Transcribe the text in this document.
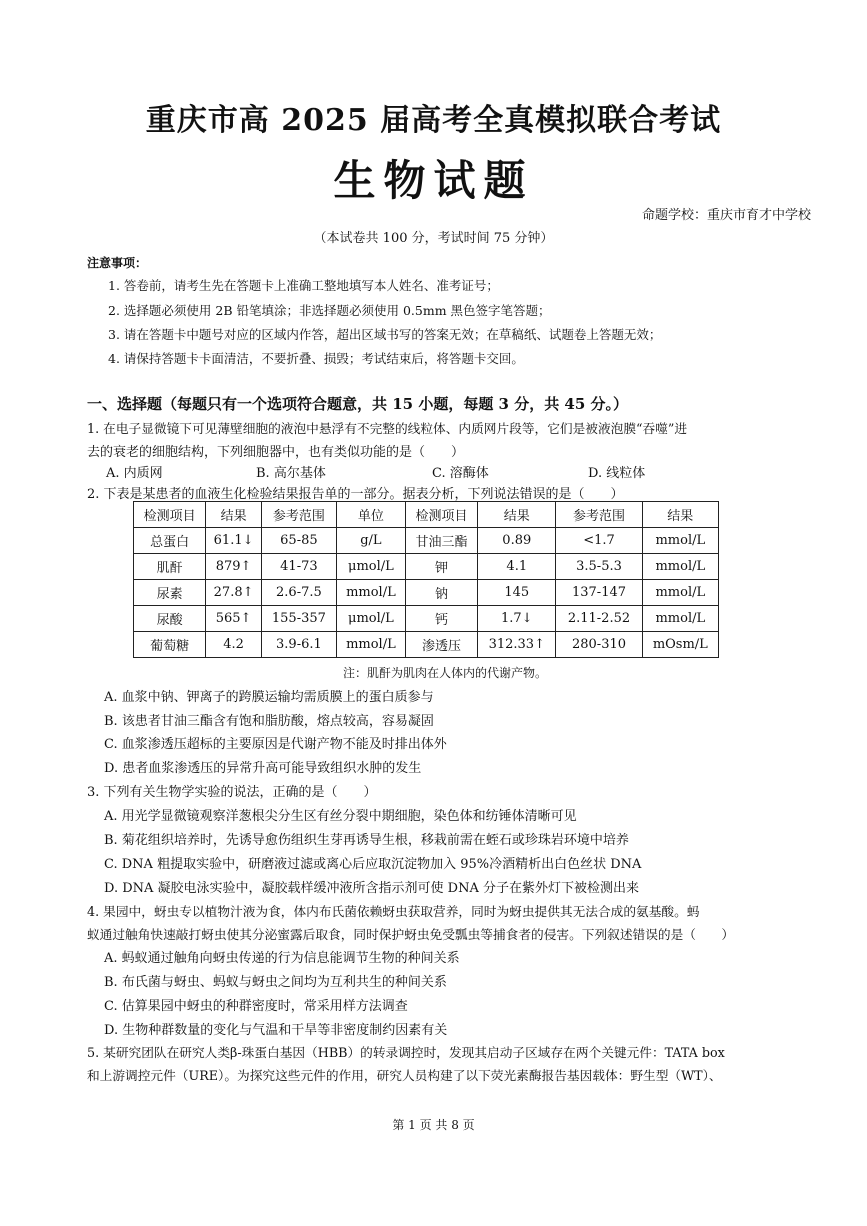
重庆市高 2025 届高考全真模拟联合考试
生物试题
命题学校：重庆市育才中学校
（本试卷共 100 分，考试时间 75 分钟）
注意事项：
1. 答卷前，请考生先在答题卡上准确工整地填写本人姓名、准考证号；
2. 选择题必须使用 2B 铅笔填涂；非选择题必须使用 0.5mm 黑色签字笔答题；
3. 请在答题卡中题号对应的区域内作答，超出区域书写的答案无效；在草稿纸、试题卷上答题无效；
4. 请保持答题卡卡面清洁，不要折叠、损毁；考试结束后，将答题卡交回。
一、选择题（每题只有一个选项符合题意，共 15 小题，每题 3 分，共 45 分。）
1. 在电子显微镜下可见薄壁细胞的液泡中悬浮有不完整的线粒体、内质网片段等，它们是被液泡膜“吞噬”进
去的衰老的细胞结构，下列细胞器中，也有类似功能的是（　　）
A. 内质网	B. 高尔基体	C. 溶酶体	D. 线粒体
2. 下表是某患者的血液生化检验结果报告单的一部分。据表分析，下列说法错误的是（　　）
检测项目	结果	参考范围	单位	检测项目	结果	参考范围	结果
总蛋白	61.1↓	65-85	g/L	甘油三酯	0.89	<1.7	mmol/L
肌酐	879↑	41-73	μmol/L	钾	4.1	3.5-5.3	mmol/L
尿素	27.8↑	2.6-7.5	mmol/L	钠	145	137-147	mmol/L
尿酸	565↑	155-357	μmol/L	钙	1.7↓	2.11-2.52	mmol/L
葡萄糖	4.2	3.9-6.1	mmol/L	渗透压	312.33↑	280-310	mOsm/L
注：肌酐为肌肉在人体内的代谢产物。
A. 血浆中钠、钾离子的跨膜运输均需质膜上的蛋白质参与
B. 该患者甘油三酯含有饱和脂肪酸，熔点较高，容易凝固
C. 血浆渗透压超标的主要原因是代谢产物不能及时排出体外
D. 患者血浆渗透压的异常升高可能导致组织水肿的发生
3. 下列有关生物学实验的说法，正确的是（　　）
A. 用光学显微镜观察洋葱根尖分生区有丝分裂中期细胞，染色体和纺锤体清晰可见
B. 菊花组织培养时，先诱导愈伤组织生芽再诱导生根，移栽前需在蛭石或珍珠岩环境中培养
C. DNA 粗提取实验中，研磨液过滤或离心后应取沉淀物加入 95%冷酒精析出白色丝状 DNA
D. DNA 凝胶电泳实验中，凝胶载样缓冲液所含指示剂可使 DNA 分子在紫外灯下被检测出来
4. 果园中，蚜虫专以植物汁液为食，体内布氏菌依赖蚜虫获取营养，同时为蚜虫提供其无法合成的氨基酸。蚂
蚁通过触角快速敲打蚜虫使其分泌蜜露后取食，同时保护蚜虫免受瓢虫等捕食者的侵害。下列叙述错误的是（　　）
A. 蚂蚁通过触角向蚜虫传递的行为信息能调节生物的种间关系
B. 布氏菌与蚜虫、蚂蚁与蚜虫之间均为互利共生的种间关系
C. 估算果园中蚜虫的种群密度时，常采用样方法调查
D. 生物种群数量的变化与气温和干旱等非密度制约因素有关
5. 某研究团队在研究人类β-珠蛋白基因（HBB）的转录调控时，发现其启动子区域存在两个关键元件：TATA box
和上游调控元件（URE）。为探究这些元件的作用，研究人员构建了以下荧光素酶报告基因载体：野生型（WT）、
第 1 页 共 8 页
